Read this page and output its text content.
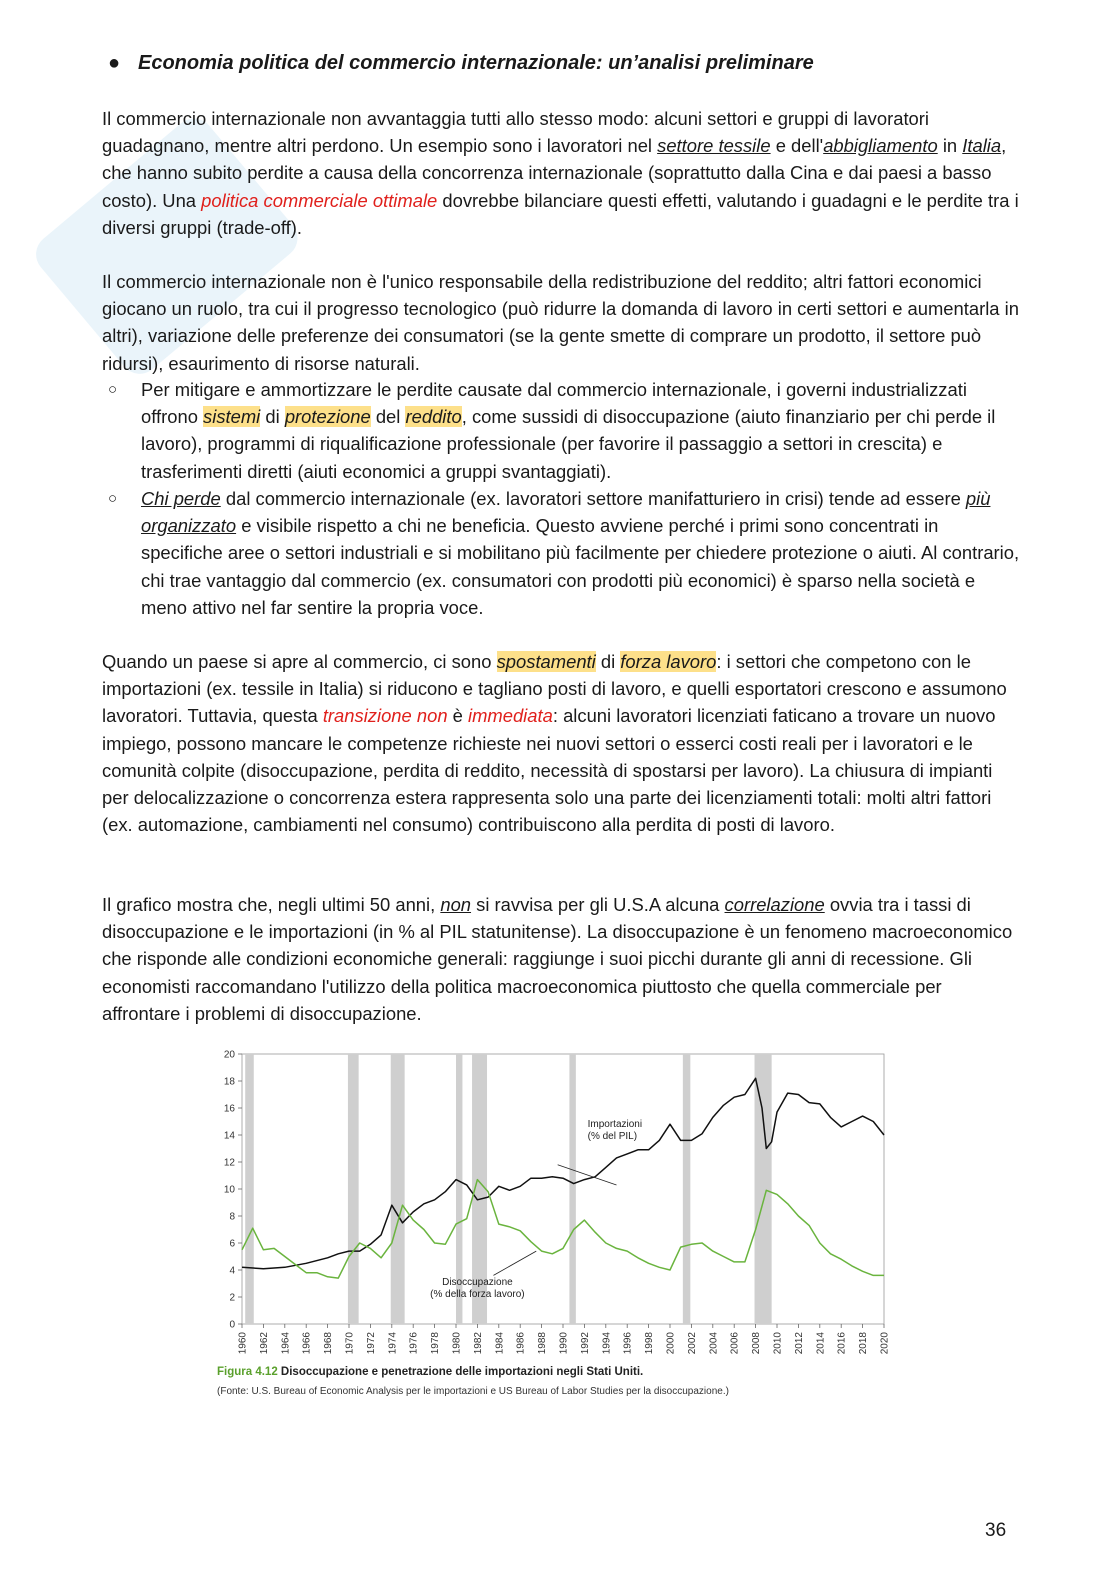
● Economia politica del commercio internazionale: un’analisi preliminare

Il commercio internazionale non avvantaggia tutti allo stesso modo: alcuni settori e gruppi di lavoratori guadagnano, mentre altri perdono. Un esempio sono i lavoratori nel settore tessile e dell'abbigliamento in Italia, che hanno subito perdite a causa della concorrenza internazionale (soprattutto dalla Cina e dai paesi a basso costo). Una politica commerciale ottimale dovrebbe bilanciare questi effetti, valutando i guadagni e le perdite tra i diversi gruppi (trade-off).

Il commercio internazionale non è l'unico responsabile della redistribuzione del reddito; altri fattori economici giocano un ruolo, tra cui il progresso tecnologico (può ridurre la domanda di lavoro in certi settori e aumentarla in altri), variazione delle preferenze dei consumatori (se la gente smette di comprare un prodotto, il settore può ridursi), esaurimento di risorse naturali.

○ Per mitigare e ammortizzare le perdite causate dal commercio internazionale, i governi industrializzati offrono sistemi di protezione del reddito, come sussidi di disoccupazione (aiuto finanziario per chi perde il lavoro), programmi di riqualificazione professionale (per favorire il passaggio a settori in crescita) e trasferimenti diretti (aiuti economici a gruppi svantaggiati).
○ Chi perde dal commercio internazionale (ex. lavoratori settore manifatturiero in crisi) tende ad essere più organizzato e visibile rispetto a chi ne beneficia. Questo avviene perché i primi sono concentrati in specifiche aree o settori industriali e si mobilitano più facilmente per chiedere protezione o aiuti. Al contrario, chi trae vantaggio dal commercio (ex. consumatori con prodotti più economici) è sparso nella società e meno attivo nel far sentire la propria voce.

Quando un paese si apre al commercio, ci sono spostamenti di forza lavoro: i settori che competono con le importazioni (ex. tessile in Italia) si riducono e tagliano posti di lavoro, e quelli esportatori crescono e assumono lavoratori. Tuttavia, questa transizione non è immediata: alcuni lavoratori licenziati faticano a trovare un nuovo impiego, possono mancare le competenze richieste nei nuovi settori o esserci costi reali per i lavoratori e le comunità colpite (disoccupazione, perdita di reddito, necessità di spostarsi per lavoro). La chiusura di impianti per delocalizzazione o concorrenza estera rappresenta solo una parte dei licenziamenti totali: molti altri fattori (ex. automazione, cambiamenti nel consumo) contribuiscono alla perdita di posti di lavoro.

Il grafico mostra che, negli ultimi 50 anni, non si ravvisa per gli U.S.A alcuna correlazione ovvia tra i tassi di disoccupazione e le importazioni (in % al PIL statunitense). La disoccupazione è un fenomeno macroeconomico che risponde alle condizioni economiche generali: raggiunge i suoi picchi durante gli anni di recessione. Gli economisti raccomandano l'utilizzo della politica macroeconomica piuttosto che quella commerciale per affrontare i problemi di disoccupazione.

0
2
4
6
8
10
12
14
16
18
20
1960 1962 1964 1966 1968 1970 1972 1974 1976 1978 1980 1982 1984 1986 1988 1990 1992 1994 1996 1998 2000 2002 2004 2006 2008 2010 2012 2014 2016 2018 2020
Importazioni
(% del PIL)
Disoccupazione
(% della forza lavoro)
Figura 4.12 Disoccupazione e penetrazione delle importazioni negli Stati Uniti.
(Fonte: U.S. Bureau of Economic Analysis per le importazioni e US Bureau of Labor Studies per la disoccupazione.)
36
